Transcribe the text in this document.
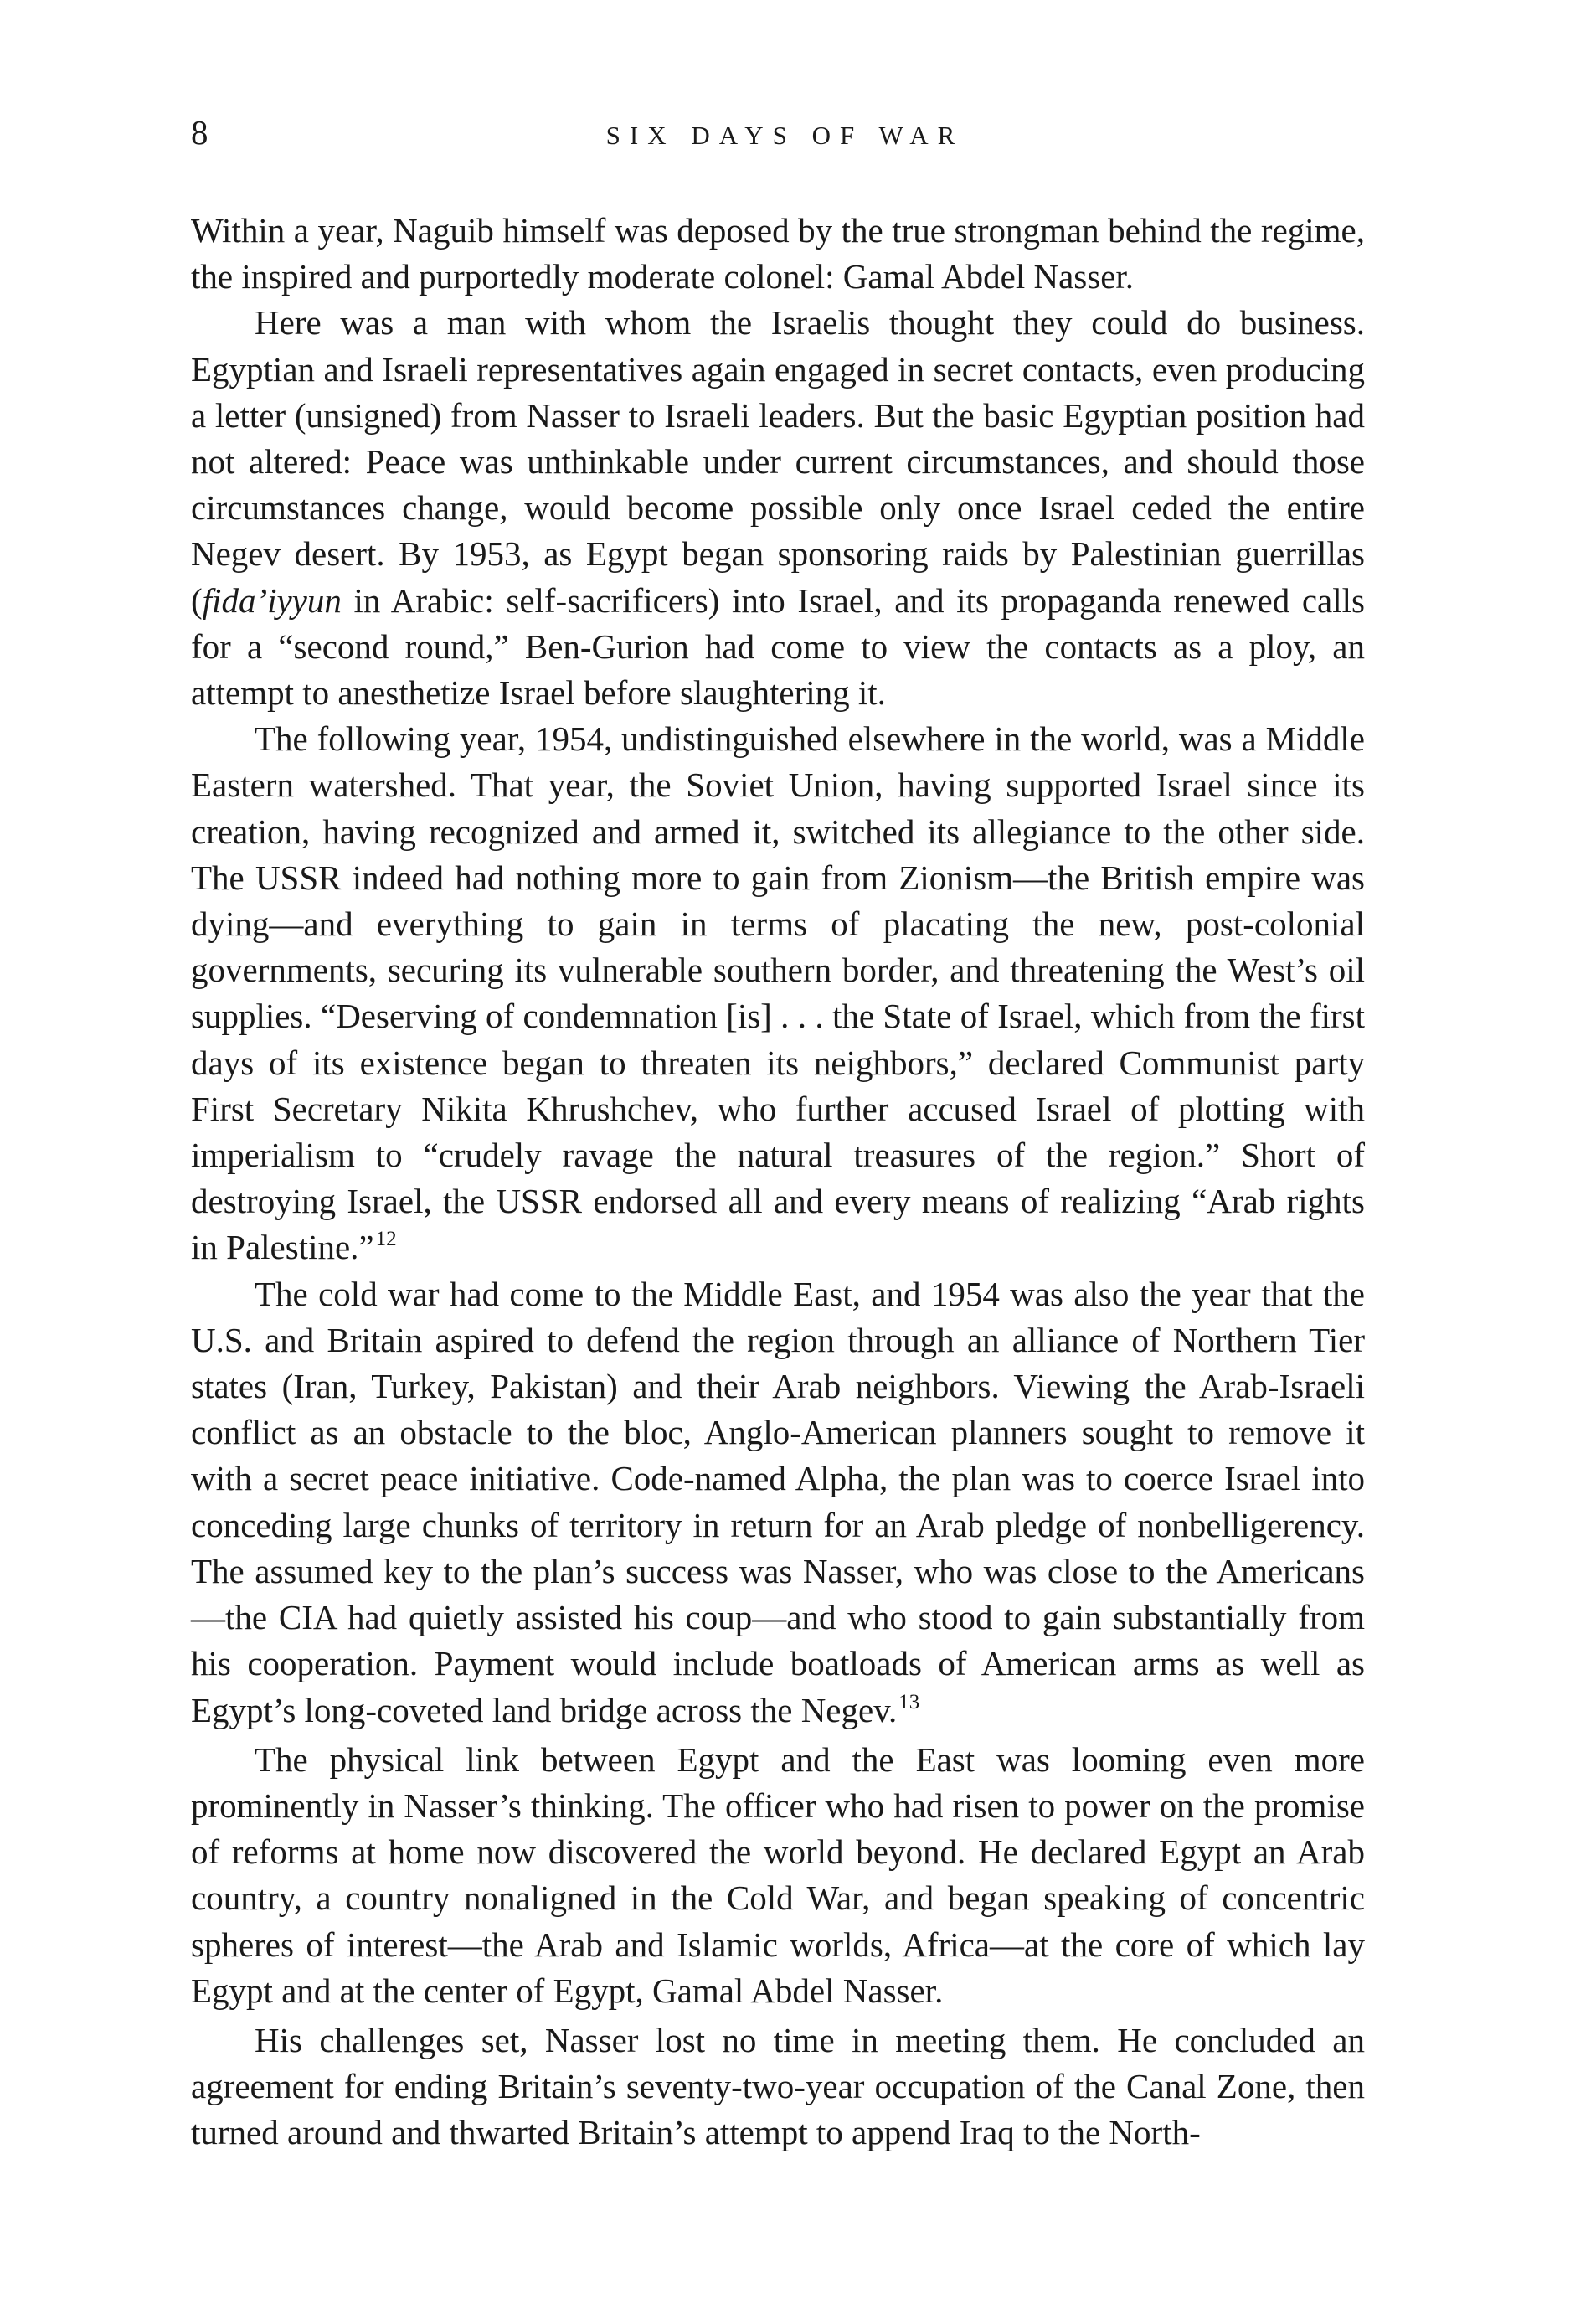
8	SIX DAYS OF WAR

Within a year, Naguib himself was deposed by the true strongman behind the regime, the inspired and purportedly moderate colonel: Gamal Abdel Nasser.

Here was a man with whom the Israelis thought they could do business. Egyptian and Israeli representatives again engaged in secret contacts, even producing a letter (unsigned) from Nasser to Israeli leaders. But the basic Egyptian position had not altered: Peace was unthinkable under current circumstances, and should those circumstances change, would become possible only once Israel ceded the entire Negev desert. By 1953, as Egypt began sponsoring raids by Palestinian guerrillas (fida’iyyun in Arabic: self-sacrificers) into Israel, and its propaganda renewed calls for a “second round,” Ben-Gurion had come to view the contacts as a ploy, an attempt to anesthetize Israel before slaughtering it.

The following year, 1954, undistinguished elsewhere in the world, was a Middle Eastern watershed. That year, the Soviet Union, having supported Israel since its creation, having recognized and armed it, switched its allegiance to the other side. The USSR indeed had nothing more to gain from Zionism—the British empire was dying—and everything to gain in terms of placating the new, post-colonial governments, securing its vulnerable southern border, and threatening the West’s oil supplies. “Deserving of condemnation [is] . . . the State of Israel, which from the first days of its existence began to threaten its neighbors,” declared Communist party First Secretary Nikita Khrushchev, who further accused Israel of plotting with imperialism to “crudely ravage the natural treasures of the region.” Short of destroying Israel, the USSR endorsed all and every means of realizing “Arab rights in Palestine.”$^{12}$

The cold war had come to the Middle East, and 1954 was also the year that the U.S. and Britain aspired to defend the region through an alliance of Northern Tier states (Iran, Turkey, Pakistan) and their Arab neighbors. Viewing the Arab-Israeli conflict as an obstacle to the bloc, Anglo-American planners sought to remove it with a secret peace initiative. Code-named Alpha, the plan was to coerce Israel into conceding large chunks of territory in return for an Arab pledge of nonbelligerency. The assumed key to the plan’s success was Nasser, who was close to the Americans—the CIA had quietly assisted his coup—and who stood to gain substantially from his cooperation. Payment would include boatloads of American arms as well as Egypt’s long-coveted land bridge across the Negev.$^{13}$

The physical link between Egypt and the East was looming even more prominently in Nasser’s thinking. The officer who had risen to power on the promise of reforms at home now discovered the world beyond. He declared Egypt an Arab country, a country nonaligned in the Cold War, and began speaking of concentric spheres of interest—the Arab and Islamic worlds, Africa—at the core of which lay Egypt and at the center of Egypt, Gamal Abdel Nasser.

His challenges set, Nasser lost no time in meeting them. He concluded an agreement for ending Britain’s seventy-two-year occupation of the Canal Zone, then turned around and thwarted Britain’s attempt to append Iraq to the North-
